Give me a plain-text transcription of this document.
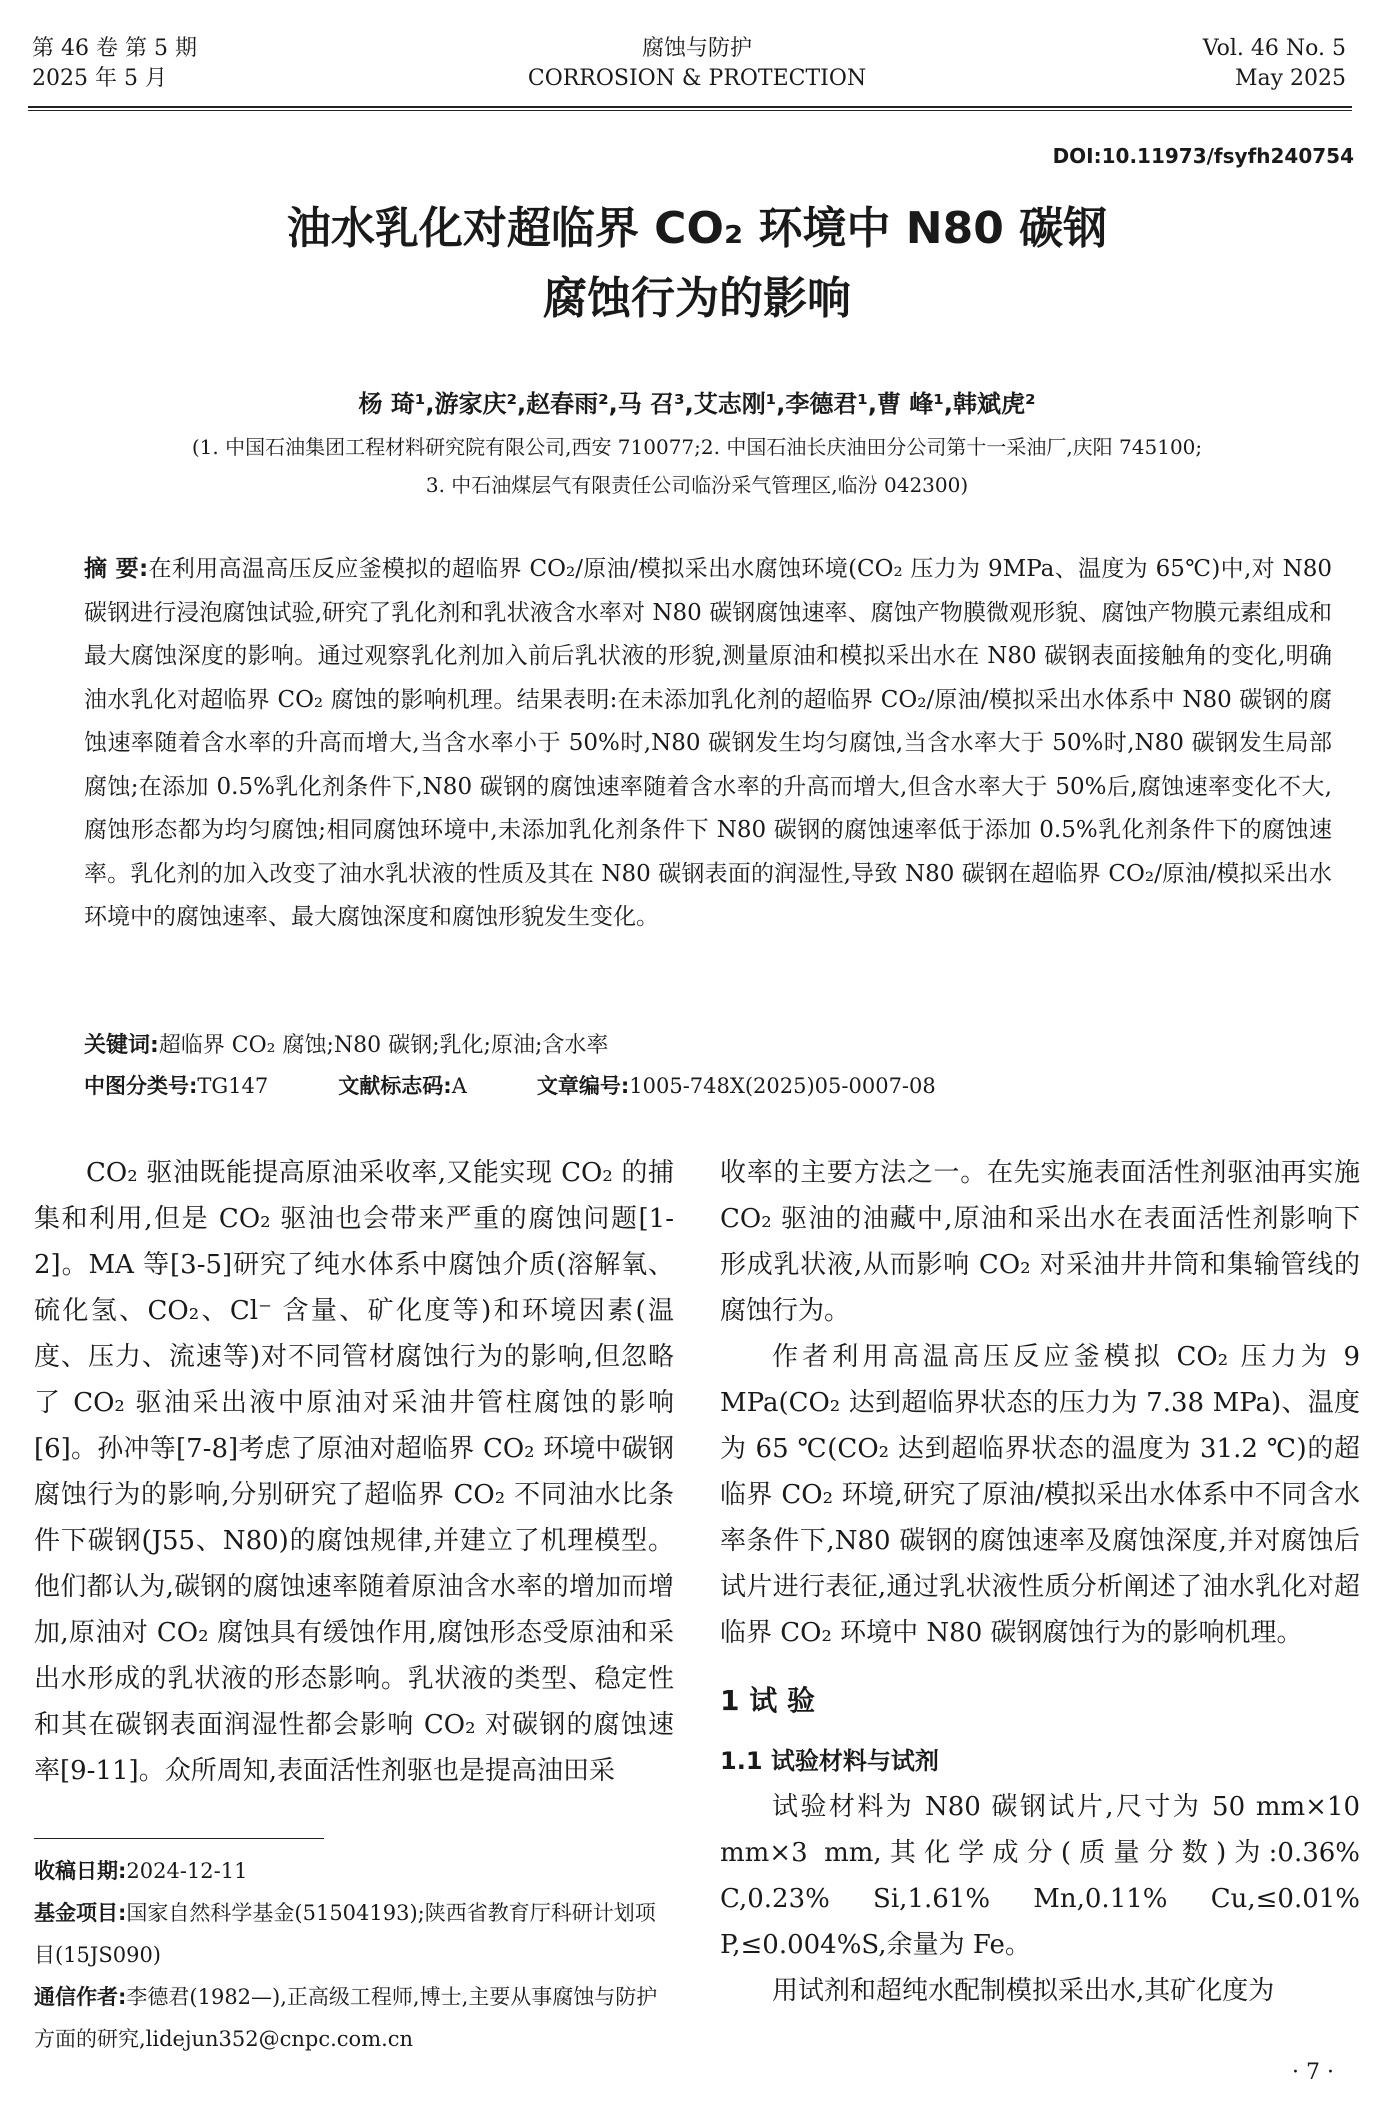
第 46 卷 第 5 期
2025 年 5 月
腐蚀与防护
CORROSION & PROTECTION
Vol. 46 No. 5
May 2025
DOI:10.11973/fsyfh240754
油水乳化对超临界 CO₂ 环境中 N80 碳钢
腐蚀行为的影响
杨 琦¹,游家庆²,赵春雨²,马 召³,艾志刚¹,李德君¹,曹 峰¹,韩斌虎²
(1. 中国石油集团工程材料研究院有限公司,西安 710077;2. 中国石油长庆油田分公司第十一采油厂,庆阳 745100;
3. 中石油煤层气有限责任公司临汾采气管理区,临汾 042300)
摘 要:在利用高温高压反应釜模拟的超临界 CO₂/原油/模拟采出水腐蚀环境(CO₂ 压力为 9MPa、温度为 65℃)中,对 N80 碳钢进行浸泡腐蚀试验,研究了乳化剂和乳状液含水率对 N80 碳钢腐蚀速率、腐蚀产物膜微观形貌、腐蚀产物膜元素组成和最大腐蚀深度的影响。通过观察乳化剂加入前后乳状液的形貌,测量原油和模拟采出水在 N80 碳钢表面接触角的变化,明确油水乳化对超临界 CO₂ 腐蚀的影响机理。结果表明:在未添加乳化剂的超临界 CO₂/原油/模拟采出水体系中 N80 碳钢的腐蚀速率随着含水率的升高而增大,当含水率小于 50%时,N80 碳钢发生均匀腐蚀,当含水率大于 50%时,N80 碳钢发生局部腐蚀;在添加 0.5%乳化剂条件下,N80 碳钢的腐蚀速率随着含水率的升高而增大,但含水率大于 50%后,腐蚀速率变化不大,腐蚀形态都为均匀腐蚀;相同腐蚀环境中,未添加乳化剂条件下 N80 碳钢的腐蚀速率低于添加 0.5%乳化剂条件下的腐蚀速率。乳化剂的加入改变了油水乳状液的性质及其在 N80 碳钢表面的润湿性,导致 N80 碳钢在超临界 CO₂/原油/模拟采出水环境中的腐蚀速率、最大腐蚀深度和腐蚀形貌发生变化。
关键词:超临界 CO₂ 腐蚀;N80 碳钢;乳化;原油;含水率
中图分类号:TG147	文献标志码:A	文章编号:1005-748X(2025)05-0007-08

CO₂ 驱油既能提高原油采收率,又能实现 CO₂ 的捕集和利用,但是 CO₂ 驱油也会带来严重的腐蚀问题[1-2]。MA 等[3-5]研究了纯水体系中腐蚀介质(溶解氧、硫化氢、CO₂、Cl⁻ 含量、矿化度等)和环境因素(温度、压力、流速等)对不同管材腐蚀行为的影响,但忽略了 CO₂ 驱油采出液中原油对采油井管柱腐蚀的影响[6]。孙冲等[7-8]考虑了原油对超临界 CO₂ 环境中碳钢腐蚀行为的影响,分别研究了超临界 CO₂ 不同油水比条件下碳钢(J55、N80)的腐蚀规律,并建立了机理模型。他们都认为,碳钢的腐蚀速率随着原油含水率的增加而增加,原油对 CO₂ 腐蚀具有缓蚀作用,腐蚀形态受原油和采出水形成的乳状液的形态影响。乳状液的类型、稳定性和其在碳钢表面润湿性都会影响 CO₂ 对碳钢的腐蚀速率[9-11]。众所周知,表面活性剂驱也是提高油田采

收稿日期:2024-12-11
基金项目:国家自然科学基金(51504193);陕西省教育厅科研计划项目(15JS090)
通信作者:李德君(1982—),正高级工程师,博士,主要从事腐蚀与防护方面的研究,lidejun352@cnpc.com.cn

收率的主要方法之一。在先实施表面活性剂驱油再实施 CO₂ 驱油的油藏中,原油和采出水在表面活性剂影响下形成乳状液,从而影响 CO₂ 对采油井井筒和集输管线的腐蚀行为。

作者利用高温高压反应釜模拟 CO₂ 压力为 9 MPa(CO₂ 达到超临界状态的压力为 7.38 MPa)、温度为 65 ℃(CO₂ 达到超临界状态的温度为 31.2 ℃)的超临界 CO₂ 环境,研究了原油/模拟采出水体系中不同含水率条件下,N80 碳钢的腐蚀速率及腐蚀深度,并对腐蚀后试片进行表征,通过乳状液性质分析阐述了油水乳化对超临界 CO₂ 环境中 N80 碳钢腐蚀行为的影响机理。

1 试 验
1.1 试验材料与试剂

试验材料为 N80 碳钢试片,尺寸为 50 mm×10 mm×3 mm,其化学成分(质量分数)为:0.36% C,0.23% Si,1.61% Mn,0.11% Cu,≤0.01% P,≤0.004%S,余量为 Fe。

用试剂和超纯水配制模拟采出水,其矿化度为

· 7 ·
